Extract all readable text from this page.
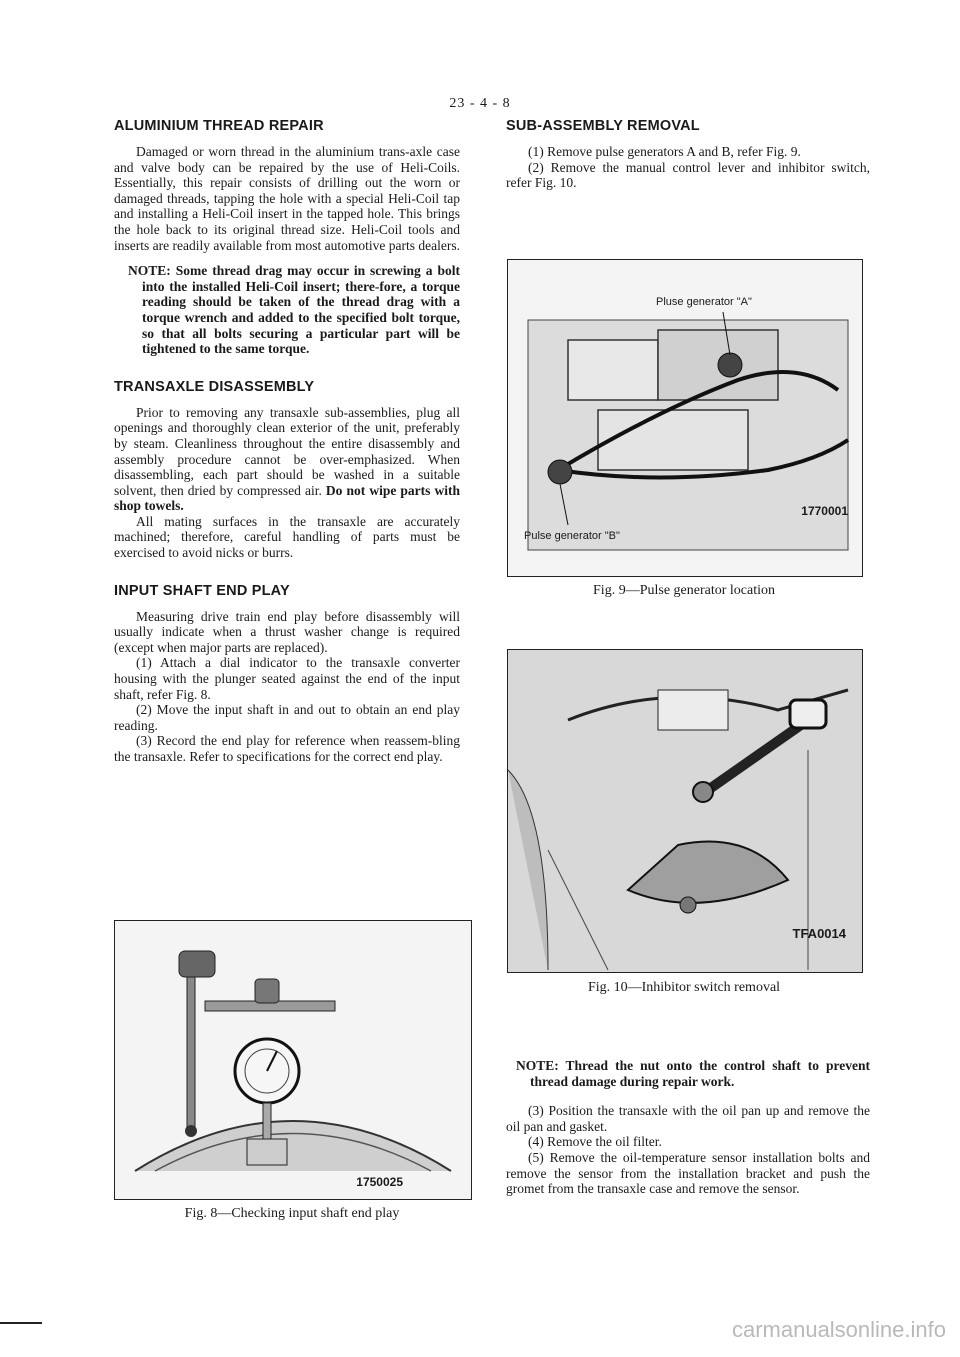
23 - 4 - 8
ALUMINIUM THREAD REPAIR

Damaged or worn thread in the aluminium trans-axle case and valve body can be repaired by the use of Heli-Coils. Essentially, this repair consists of drilling out the worn or damaged threads, tapping the hole with a special Heli-Coil tap and installing a Heli-Coil insert in the tapped hole. This brings the hole back to its original thread size. Heli-Coil tools and inserts are readily available from most automotive parts dealers.

NOTE: Some thread drag may occur in screwing a bolt into the installed Heli-Coil insert; there-fore, a torque reading should be taken of the thread drag with a torque wrench and added to the specified bolt torque, so that all bolts securing a particular part will be tightened to the same torque.

TRANSAXLE DISASSEMBLY

Prior to removing any transaxle sub-assemblies, plug all openings and thoroughly clean exterior of the unit, preferably by steam. Cleanliness throughout the entire disassembly and assembly procedure cannot be over-emphasized. When disassembling, each part should be washed in a suitable solvent, then dried by compressed air. Do not wipe parts with shop towels.

All mating surfaces in the transaxle are accurately machined; therefore, careful handling of parts must be exercised to avoid nicks or burrs.

INPUT SHAFT END PLAY

Measuring drive train end play before disassembly will usually indicate when a thrust washer change is required (except when major parts are replaced).

(1) Attach a dial indicator to the transaxle converter housing with the plunger seated against the end of the input shaft, refer Fig. 8.

(2) Move the input shaft in and out to obtain an end play reading.

(3) Record the end play for reference when reassem-bling the transaxle. Refer to specifications for the correct end play.

1750025
Fig. 8—Checking input shaft end play
SUB-ASSEMBLY REMOVAL

(1) Remove pulse generators A and B, refer Fig. 9.

(2) Remove the manual control lever and inhibitor switch, refer Fig. 10.

Pluse generator "A"
Pulse generator "B"
1770001
Fig. 9—Pulse generator location
TFA0014
Fig. 10—Inhibitor switch removal

NOTE: Thread the nut onto the control shaft to prevent thread damage during repair work.

(3) Position the transaxle with the oil pan up and remove the oil pan and gasket.

(4) Remove the oil filter.

(5) Remove the oil-temperature sensor installation bolts and remove the sensor from the installation bracket and push the gromet from the transaxle case and remove the sensor.

carmanualsonline.info
